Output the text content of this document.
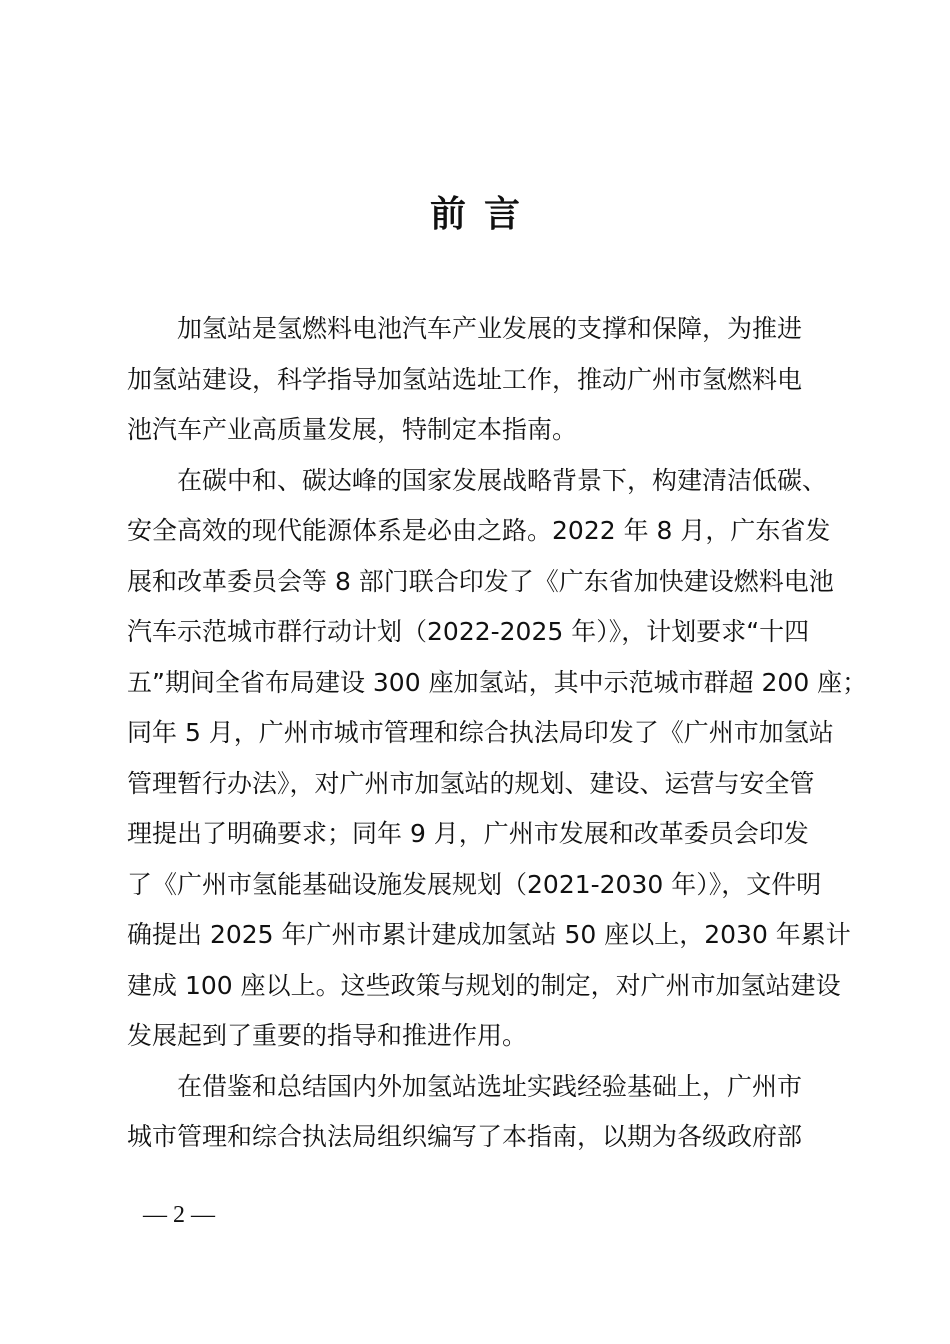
前言
加氢站是氢燃料电池汽车产业发展的支撑和保障，为推进
加氢站建设，科学指导加氢站选址工作，推动广州市氢燃料电
池汽车产业高质量发展，特制定本指南。
在碳中和、碳达峰的国家发展战略背景下，构建清洁低碳、
安全高效的现代能源体系是必由之路。2022 年 8 月，广东省发
展和改革委员会等 8 部门联合印发了《广东省加快建设燃料电池
汽车示范城市群行动计划（2022-2025 年）》，计划要求“十四
五”期间全省布局建设 300 座加氢站，其中示范城市群超 200 座；
同年 5 月，广州市城市管理和综合执法局印发了《广州市加氢站
管理暂行办法》，对广州市加氢站的规划、建设、运营与安全管
理提出了明确要求；同年 9 月，广州市发展和改革委员会印发
了《广州市氢能基础设施发展规划（2021-2030 年）》，文件明
确提出 2025 年广州市累计建成加氢站 50 座以上，2030 年累计
建成 100 座以上。这些政策与规划的制定，对广州市加氢站建设
发展起到了重要的指导和推进作用。
在借鉴和总结国内外加氢站选址实践经验基础上，广州市
城市管理和综合执法局组织编写了本指南，以期为各级政府部
— 2 —
